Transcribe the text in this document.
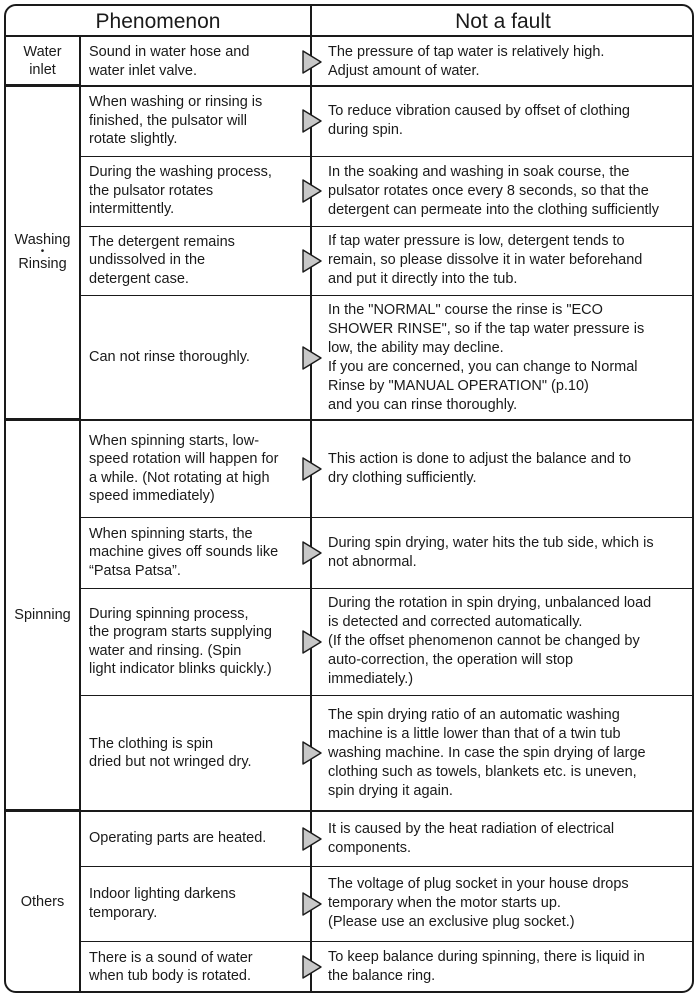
Phenomenon	Not a fault
Water
inlet
Sound in water hose and
water inlet valve.
The pressure of tap water is relatively high.
Adjust amount of water.
Washing
•
Rinsing
When washing or rinsing is
finished, the pulsator will
rotate slightly.
To reduce vibration caused by offset of clothing
during spin.
During the washing process,
the pulsator rotates
intermittently.
In the soaking and washing in soak course, the
pulsator rotates once every 8 seconds, so that the
detergent can permeate into the clothing sufficiently
The detergent remains
undissolved in the
detergent case.
If tap water pressure is low, detergent tends to
remain, so please dissolve it in water beforehand
and put it directly into the tub.
Can not rinse thoroughly.
In the "NORMAL" course the rinse is "ECO
SHOWER RINSE", so if the tap water pressure is
low, the ability may decline.
If you are concerned, you can change to Normal
Rinse by "MANUAL OPERATION" (p.10)
and you can rinse thoroughly.
Spinning
When spinning starts, low-
speed rotation will happen for
a while. (Not rotating at high
speed immediately)
This action is done to adjust the balance and to
dry clothing sufficiently.
When spinning starts, the
machine gives off sounds like
“Patsa Patsa”.
During spin drying, water hits the tub side, which is
not abnormal.
During spinning process,
the program starts supplying
water and rinsing. (Spin
light indicator blinks quickly.)
During the rotation in spin drying, unbalanced load
is detected and corrected automatically.
(If the offset phenomenon cannot be changed by
auto-correction, the operation will stop
immediately.)
The clothing is spin
dried but not wringed dry.
The spin drying ratio of an automatic washing
machine is a little lower than that of a twin tub
washing machine. In case the spin drying of large
clothing such as towels, blankets etc. is uneven,
spin drying it again.
Others
Operating parts are heated.
It is caused by the heat radiation of electrical
components.
Indoor lighting darkens
temporary.
The voltage of plug socket in your house drops
temporary when the motor starts up.
(Please use an exclusive plug socket.)
There is a sound of water
when tub body is rotated.
To keep balance during spinning, there is liquid in
the balance ring.
